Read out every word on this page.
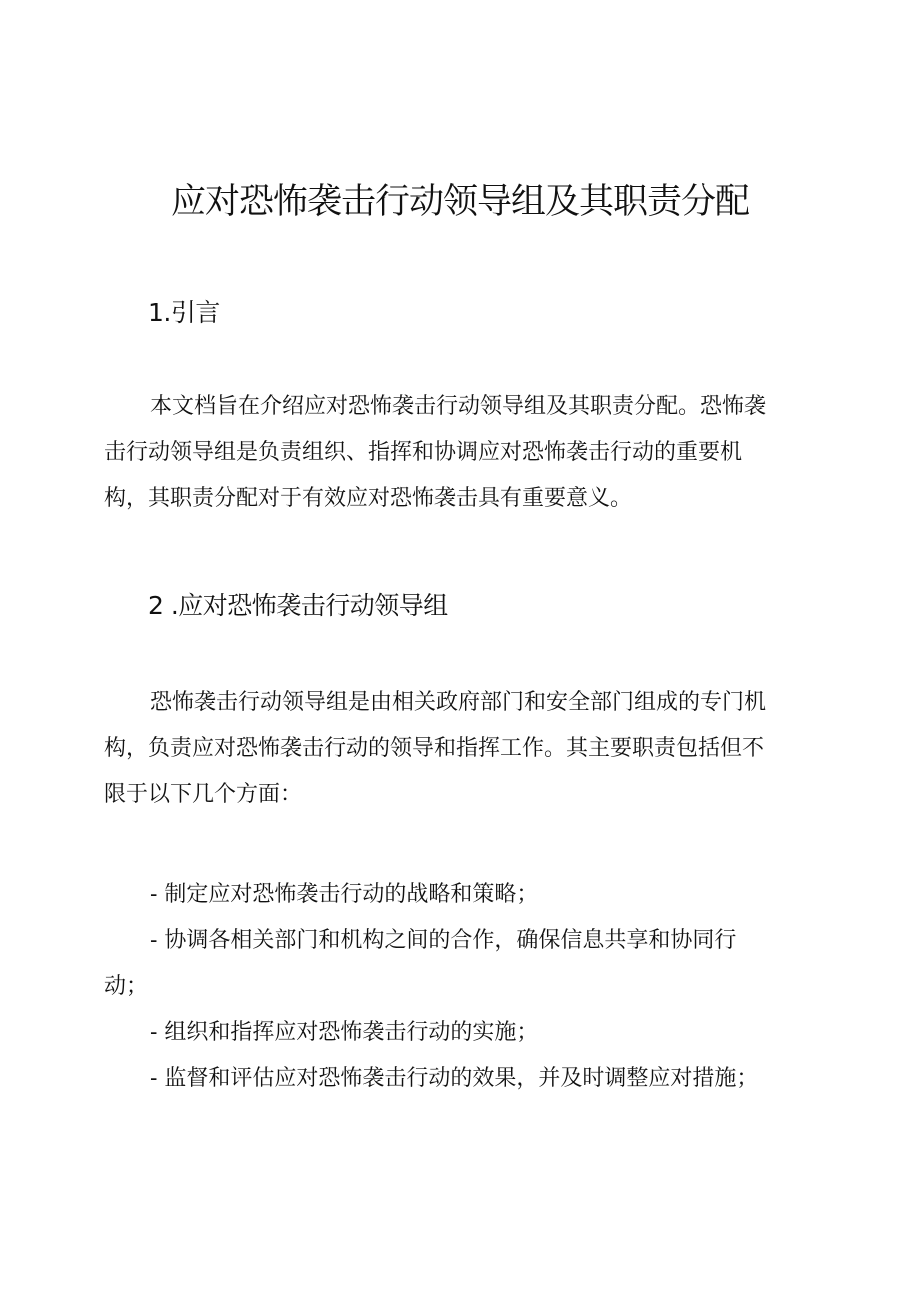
应对恐怖袭击行动领导组及其职责分配
1.引言
本文档旨在介绍应对恐怖袭击行动领导组及其职责分配。恐怖袭
击行动领导组是负责组织、指挥和协调应对恐怖袭击行动的重要机
构，其职责分配对于有效应对恐怖袭击具有重要意义。
2 .应对恐怖袭击行动领导组
恐怖袭击行动领导组是由相关政府部门和安全部门组成的专门机
构，负责应对恐怖袭击行动的领导和指挥工作。其主要职责包括但不
限于以下几个方面：
- 制定应对恐怖袭击行动的战略和策略；
- 协调各相关部门和机构之间的合作，确保信息共享和协同行
动；
- 组织和指挥应对恐怖袭击行动的实施；
- 监督和评估应对恐怖袭击行动的效果，并及时调整应对措施；
